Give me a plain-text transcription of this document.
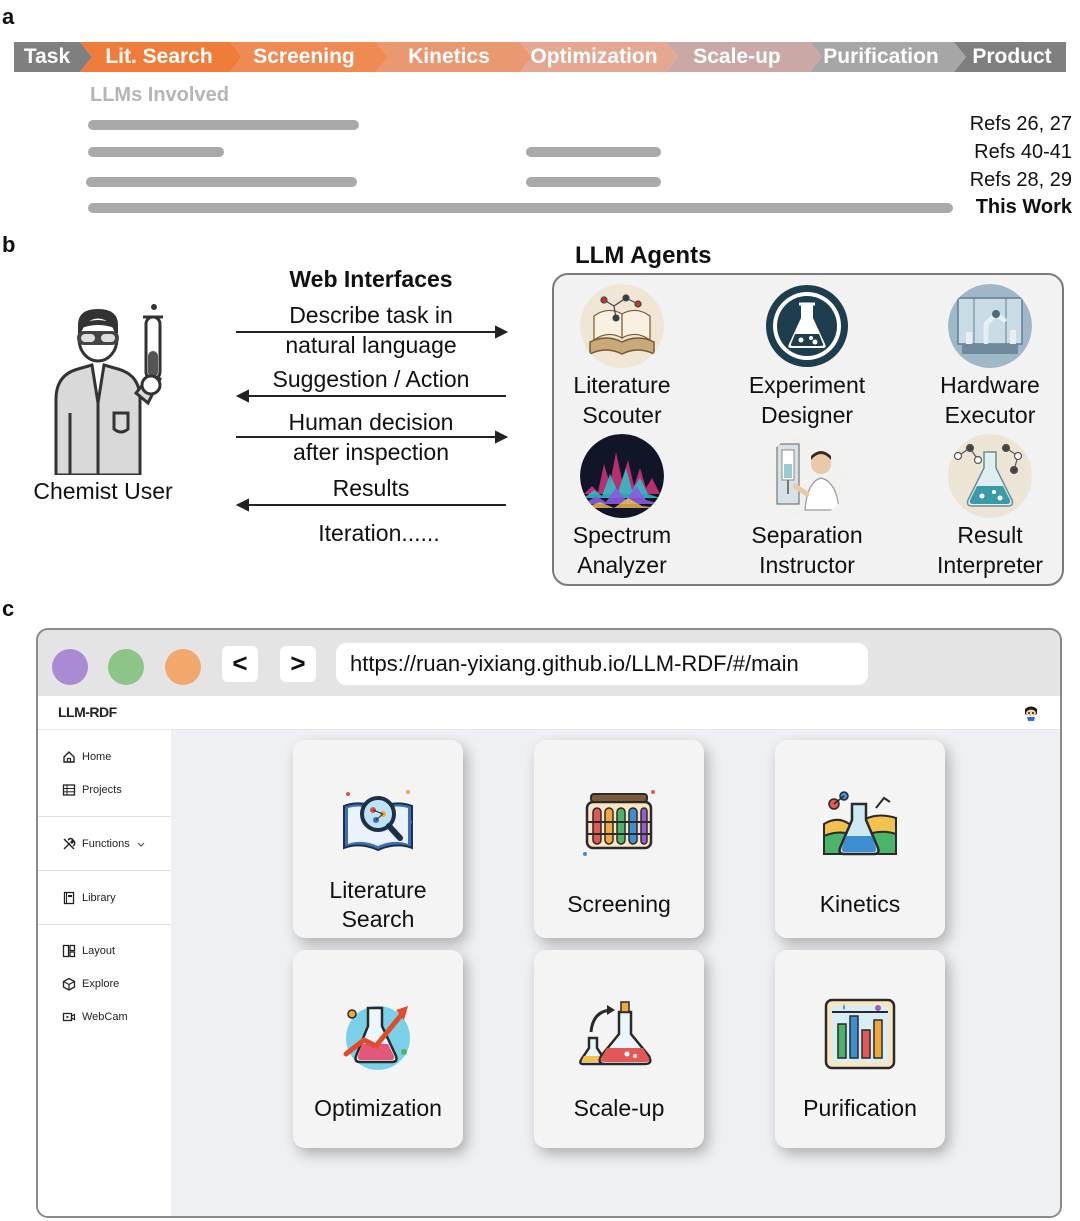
a
Task	Lit. Search	Screening	Kinetics	Optimization	Scale-up	Purification	Product
LLMs Involved
Refs 26, 27
Refs 40-41
Refs 28, 29
This Work
b
Chemist User
Web Interfaces
Describe task in
natural language
Suggestion / Action
Human decision
after inspection
Results
Iteration......
LLM Agents
Literature
Scouter
Experiment
Designer
Hardware
Executor
Spectrum
Analyzer
Separation
Instructor
Result
Interpreter
c
<	>	https://ruan-yixiang.github.io/LLM-RDF/#/main
LLM-RDF
Home
Projects
Functions
Library
Layout
Explore
WebCam
Literature
Search
Screening	Kinetics
Optimization	Scale-up	Purification
